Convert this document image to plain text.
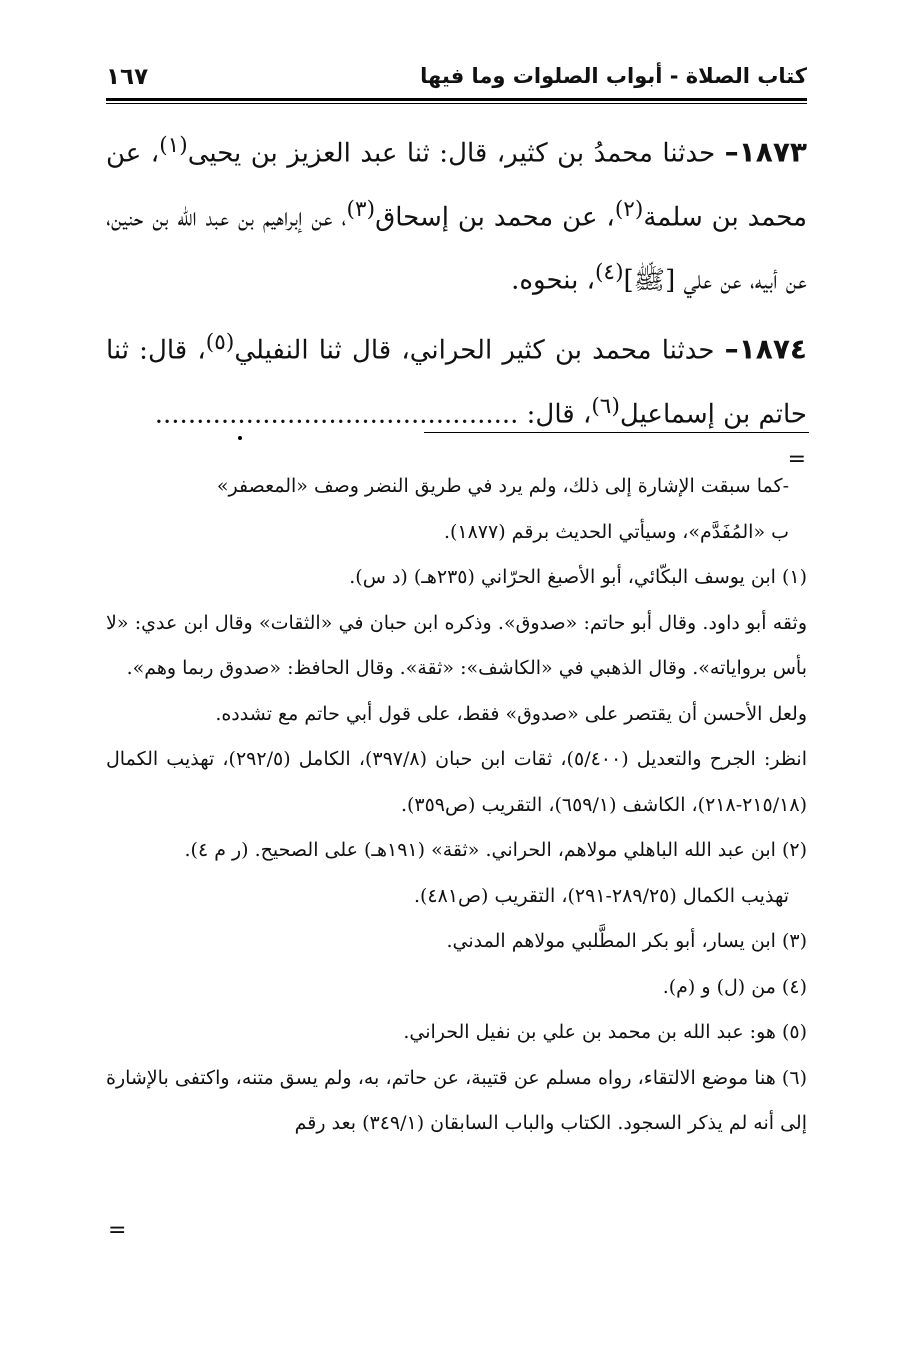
كتاب الصلاة - أبواب الصلوات وما فيها
١٦٧

١٨٧٣– حدثنا محمدُ بن كثير، قال: ثنا عبد العزيز بن يحيى$^{(١)}$، عن محمد بن سلمة$^{(٢)}$، عن محمد بن إسحاق$^{(٣)}$، عن إبراهيم بن عبد الله بن حنين، عن أبيه، عن علي [ﷺ]$^{(٤)}$، بنحوه.

١٨٧٤– حدثنا محمد بن كثير الحراني، قال ثنا النفيلي$^{(٥)}$، قال: ثنا حاتم بن إسماعيل$^{(٦)}$، قال: ............................................

=

-كما سبقت الإشارة إلى ذلك، ولم يرد في طريق النضر وصف «المعصفر»

ب «المُفَدَّم»، وسيأتي الحديث برقم (١٨٧٧).

(١) ابن يوسف البكّائي، أبو الأصبغ الحرّاني (٢٣٥هـ) (د س).

وثقه أبو داود. وقال أبو حاتم: «صدوق». وذكره ابن حبان في «الثقات» وقال ابن عدي: «لا بأس برواياته». وقال الذهبي في «الكاشف»: «ثقة». وقال الحافظ: «صدوق ربما وهم».

ولعل الأحسن أن يقتصر على «صدوق» فقط، على قول أبي حاتم مع تشدده.

انظر: الجرح والتعديل (٥/٤٠٠)، ثقات ابن حبان (٣٩٧/٨)، الكامل (٢٩٢/٥)، تهذيب الكمال (٢١٥/١٨-٢١٨)، الكاشف (٦٥٩/١)، التقريب (ص٣٥٩).

(٢) ابن عبد الله الباهلي مولاهم، الحراني. «ثقة» (١٩١هـ) على الصحيح. (ر م ٤).

تهذيب الكمال (٢٨٩/٢٥-٢٩١)، التقريب (ص٤٨١).

(٣) ابن يسار، أبو بكر المطَّلبي مولاهم المدني.

(٤) من (ل) و (م).

(٥) هو: عبد الله بن محمد بن علي بن نفيل الحراني.

(٦) هنا موضع الالتقاء، رواه مسلم عن قتيبة، عن حاتم، به، ولم يسق متنه، واكتفى بالإشارة إلى أنه لم يذكر السجود. الكتاب والباب السابقان (٣٤٩/١) بعد رقم

=
